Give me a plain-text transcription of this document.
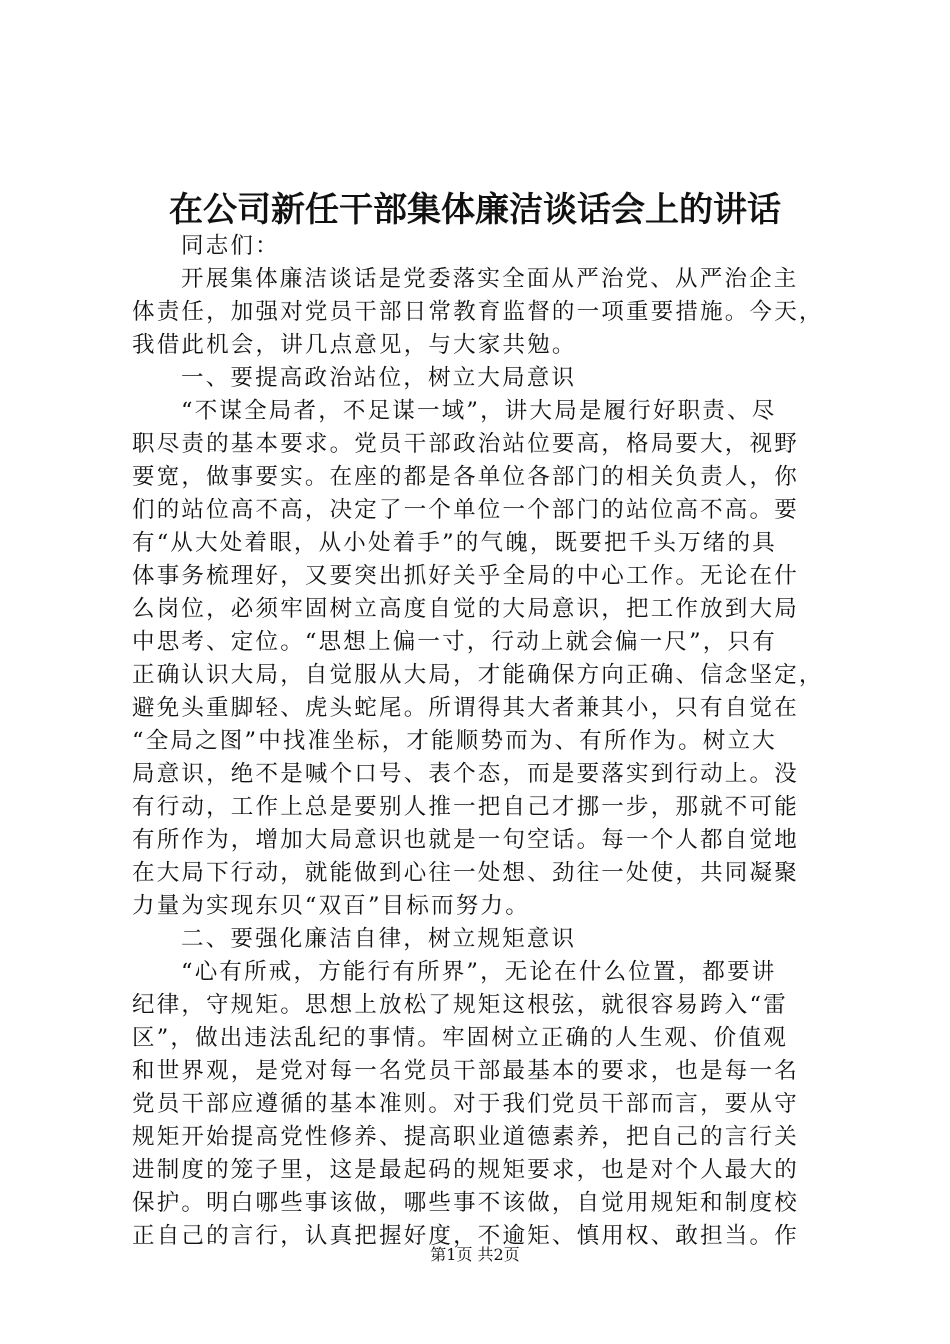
在公司新任干部集体廉洁谈话会上的讲话
同志们：
开展集体廉洁谈话是党委落实全面从严治党、从严治企主
体责任，加强对党员干部日常教育监督的一项重要措施。今天，
我借此机会，讲几点意见，与大家共勉。
一、要提高政治站位，树立大局意识
“不谋全局者，不足谋一域”，讲大局是履行好职责、尽
职尽责的基本要求。党员干部政治站位要高，格局要大，视野
要宽，做事要实。在座的都是各单位各部门的相关负责人，你
们的站位高不高，决定了一个单位一个部门的站位高不高。要
有“从大处着眼，从小处着手”的气魄，既要把千头万绪的具
体事务梳理好，又要突出抓好关乎全局的中心工作。无论在什
么岗位，必须牢固树立高度自觉的大局意识，把工作放到大局
中思考、定位。“思想上偏一寸，行动上就会偏一尺”，只有
正确认识大局，自觉服从大局，才能确保方向正确、信念坚定，
避免头重脚轻、虎头蛇尾。所谓得其大者兼其小，只有自觉在
“全局之图”中找准坐标，才能顺势而为、有所作为。树立大
局意识，绝不是喊个口号、表个态，而是要落实到行动上。没
有行动，工作上总是要别人推一把自己才挪一步，那就不可能
有所作为，增加大局意识也就是一句空话。每一个人都自觉地
在大局下行动，就能做到心往一处想、劲往一处使，共同凝聚
力量为实现东贝“双百”目标而努力。
二、要强化廉洁自律，树立规矩意识
“心有所戒，方能行有所界”，无论在什么位置，都要讲
纪律，守规矩。思想上放松了规矩这根弦，就很容易跨入“雷
区”，做出违法乱纪的事情。牢固树立正确的人生观、价值观
和世界观，是党对每一名党员干部最基本的要求，也是每一名
党员干部应遵循的基本准则。对于我们党员干部而言，要从守
规矩开始提高党性修养、提高职业道德素养，把自己的言行关
进制度的笼子里，这是最起码的规矩要求，也是对个人最大的
保护。明白哪些事该做，哪些事不该做，自觉用规矩和制度校
正自己的言行，认真把握好度，不逾矩、慎用权、敢担当。作
第1页 共2页
